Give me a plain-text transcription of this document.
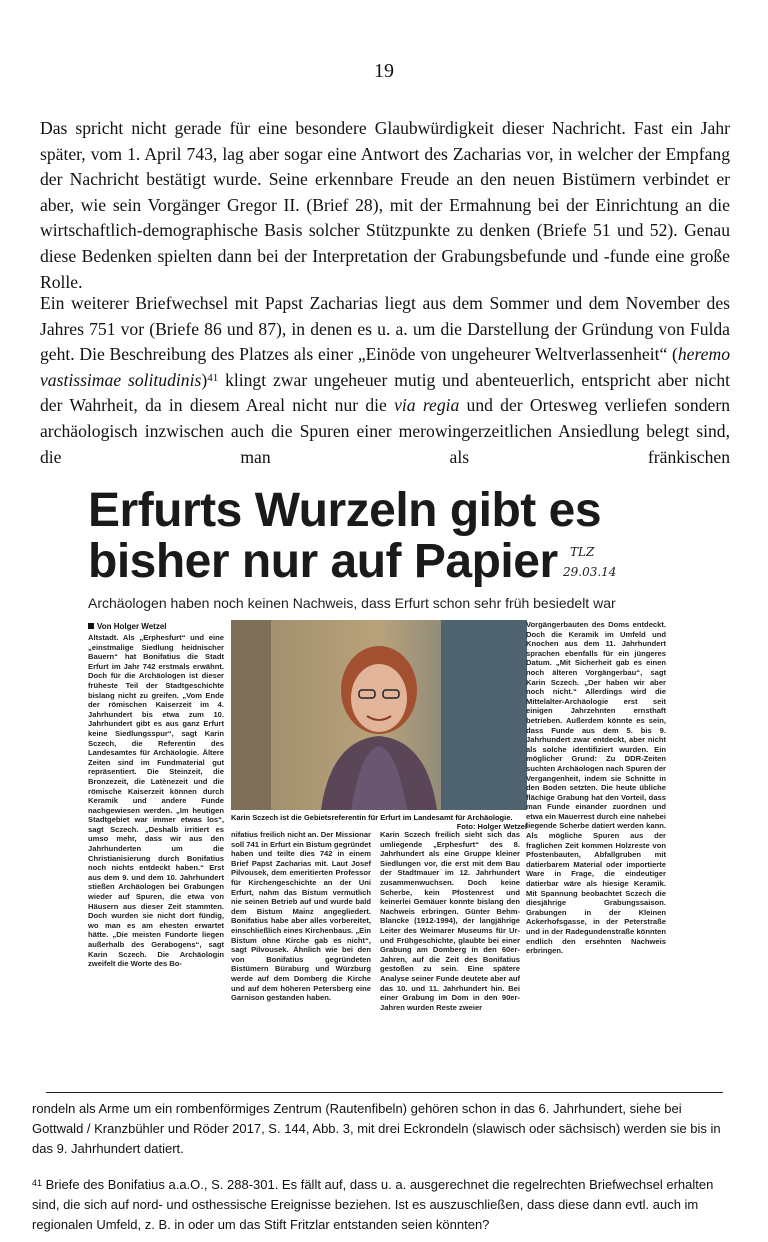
19

Das spricht nicht gerade für eine besondere Glaubwürdigkeit dieser Nachricht. Fast ein Jahr später, vom 1. April 743, lag aber sogar eine Antwort des Zacharias vor, in welcher der Empfang der Nachricht bestätigt wurde. Seine erkennbare Freude an den neuen Bistümern verbindet er aber, wie sein Vorgänger Gregor II. (Brief 28), mit der Ermahnung bei der Einrichtung an die wirtschaftlich-demographische Basis solcher Stützpunkte zu denken (Briefe 51 und 52). Genau diese Bedenken spielten dann bei der Interpretation der Grabungsbefunde und -funde eine große Rolle.

Ein weiterer Briefwechsel mit Papst Zacharias liegt aus dem Sommer und dem November des Jahres 751 vor (Briefe 86 und 87), in denen es u. a. um die Darstellung der Gründung von Fulda geht. Die Beschreibung des Platzes als einer „Einöde von ungeheurer Weltverlassenheit“ (heremo vastissimae solitudinis)$^{41}$ klingt zwar ungeheuer mutig und abenteuerlich, entspricht aber nicht der Wahrheit, da in diesem Areal nicht nur die via regia und der Ortesweg verliefen sondern archäologisch inzwischen auch die Spuren einer merowingerzeitlichen Ansiedlung belegt sind, die man als fränkischen

Erfurts Wurzeln gibt es
bisher nur auf Papier	TLZ
29.03.14
Archäologen haben noch keinen Nachweis, dass Erfurt schon sehr früh besiedelt war
Von Holger Wetzel
Altstadt. Als „Erphesfurt“ und eine „einstmalige Siedlung heidnischer Bauern“ hat Bonifatius die Stadt Erfurt im Jahr 742 erstmals erwähnt. Doch für die Archäologen ist dieser früheste Teil der Stadtgeschichte bislang nicht zu greifen. „Vom Ende der römischen Kaiserzeit im 4. Jahrhundert bis etwa zum 10. Jahrhundert gibt es aus ganz Erfurt keine Siedlungsspur“, sagt Karin Sczech, die Referentin des Landesamtes für Archäologie. Ältere Zeiten sind im Fundmaterial gut repräsentiert. Die Steinzeit, die Bronzezeit, die Latènezeit und die römische Kaiserzeit können durch Keramik und andere Funde nachgewiesen werden. „Im heutigen Stadtgebiet war immer etwas los“, sagt Sczech. „Deshalb irritiert es umso mehr, dass wir aus den Jahrhunderten um die Christianisierung durch Bonifatius noch nichts entdeckt haben.“ Erst aus dem 9. und dem 10. Jahrhundert stießen Archäologen bei Grabungen wieder auf Spuren, die etwa von Häusern aus dieser Zeit stammten. Doch wurden sie nicht dort fündig, wo man es am ehesten erwartet hätte. „Die meisten Fundorte liegen außerhalb des Gerabogens“, sagt Karin Sczech. Die Archäologin zweifelt die Worte des Bo-
Karin Sczech ist die Gebietsreferentin für Erfurt im Landesamt für Archäologie.
Foto: Holger Wetzel
nifatius freilich nicht an. Der Missionar soll 741 in Erfurt ein Bistum gegründet haben und teilte dies 742 in einem Brief Papst Zacharias mit. Laut Josef Pilvousek, dem emeritierten Professor für Kirchengeschichte an der Uni Erfurt, nahm das Bistum vermutlich nie seinen Betrieb auf und wurde bald dem Bistum Mainz angegliedert. Bonifatius habe aber alles vorbereitet, einschließlich eines Kirchenbaus. „Ein Bistum ohne Kirche gab es nicht“, sagt Pilvousek. Ähnlich wie bei den von Bonifatius gegründeten Bistümern Büraburg und Würzburg werde auf dem Domberg die Kirche und auf dem höheren Petersberg eine Garnison gestanden haben.
Karin Sczech freilich sieht sich das umliegende „Erphesfurt“ des 8. Jahrhundert als eine Gruppe kleiner Siedlungen vor, die erst mit dem Bau der Stadtmauer im 12. Jahrhundert zusammenwuchsen. Doch keine Scherbe, kein Pfostenrest und keinerlei Gemäuer konnte bislang den Nachweis erbringen. Günter Behm-Blancke (1912-1994), der langjährige Leiter des Weimarer Museums für Ur- und Frühgeschichte, glaubte bei einer Grabung am Domberg in den 60er-Jahren, auf die Zeit des Bonifatius gestoßen zu sein. Eine spätere Analyse seiner Funde deutete aber auf das 10. und 11. Jahrhundert hin. Bei einer Grabung im Dom in den 90er-Jahren wurden Reste zweier
Vorgängerbauten des Doms entdeckt. Doch die Keramik im Umfeld und Knochen aus dem 11. Jahrhundert sprachen ebenfalls für ein jüngeres Datum. „Mit Sicherheit gab es einen noch älteren Vorgängerbau“, sagt Karin Sczech. „Der haben wir aber noch nicht.“ Allerdings wird die Mittelalter-Archäologie erst seit einigen Jahrzehnten ernsthaft betrieben. Außerdem könnte es sein, dass Funde aus dem 5. bis 9. Jahrhundert zwar entdeckt, aber nicht als solche identifiziert wurden. Ein möglicher Grund: Zu DDR-Zeiten suchten Archäologen nach Spuren der Vergangenheit, indem sie Schnitte in den Boden setzten. Die heute übliche flächige Grabung hat den Vorteil, dass man Funde einander zuordnen und etwa ein Mauerrest durch eine nahebei liegende Scherbe datiert werden kann. Als mögliche Spuren aus der fraglichen Zeit kommen Holzreste von Pfostenbauten, Abfallgruben mit datierbarem Material oder importierte Ware in Frage, die eindeutiger datierbar wäre als hiesige Keramik. Mit Spannung beobachtet Sczech die diesjährige Grabungssaison. Grabungen in der Kleinen Ackerhofsgasse, in der Peterstraße und in der Radegundenstraße könnten endlich den ersehnten Nachweis erbringen.
rondeln als Arme um ein rombenförmiges Zentrum (Rautenfibeln) gehören schon in das 6. Jahrhundert, siehe bei Gottwald / Kranzbühler und Röder 2017, S. 144, Abb. 3, mit drei Eckrondeln (slawisch oder sächsisch) werden sie bis in das 9. Jahrhundert datiert.
$^{41}$ Briefe des Bonifatius a.a.O., S. 288-301. Es fällt auf, dass u. a. ausgerechnet die regelrechten Briefwechsel erhalten sind, die sich auf nord- und osthessische Ereignisse beziehen. Ist es auszuschließen, dass diese dann evtl. auch im regionalen Umfeld, z. B. in oder um das Stift Fritzlar entstanden seien könnten?
